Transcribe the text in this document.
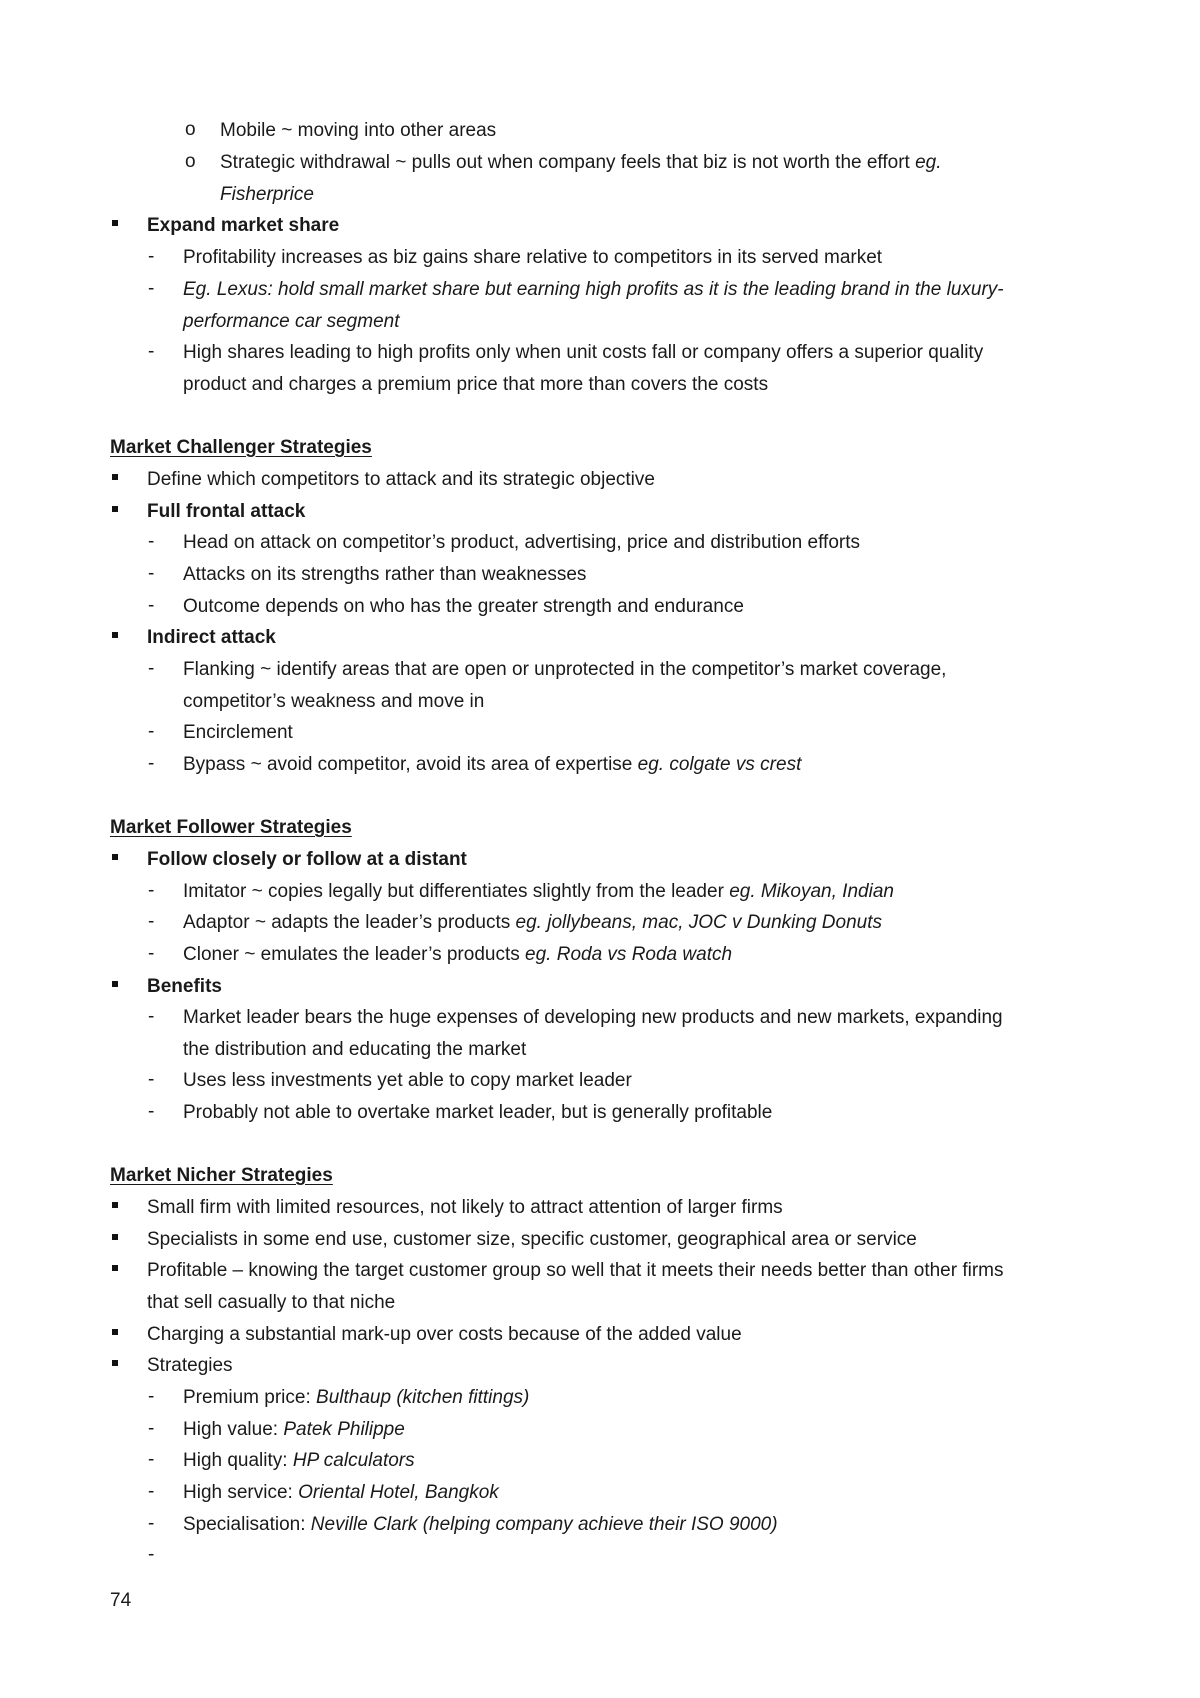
o
Mobile ~ moving into other areas
o
Strategic withdrawal ~ pulls out when company feels that biz is not worth the effort eg.
Fisherprice
Expand market share
-
Profitability increases as biz gains share relative to competitors in its served market
-
Eg. Lexus: hold small market share but earning high profits as it is the leading brand in the luxury-
performance car segment
-
High shares leading to high profits only when unit costs fall or company offers a superior quality
product and charges a premium price that more than covers the costs
Market Challenger Strategies
Define which competitors to attack and its strategic objective
Full frontal attack
-
Head on attack on competitor’s product, advertising, price and distribution efforts
-
Attacks on its strengths rather than weaknesses
-
Outcome depends on who has the greater strength and endurance
Indirect attack
-
Flanking ~ identify areas that are open or unprotected in the competitor’s market coverage,
competitor’s weakness and move in
-
Encirclement
-
Bypass ~ avoid competitor, avoid its area of expertise eg. colgate vs crest
Market Follower Strategies
Follow closely or follow at a distant
-
Imitator ~ copies legally but differentiates slightly from the leader eg. Mikoyan, Indian
-
Adaptor ~ adapts the leader’s products eg. jollybeans, mac, JOC v Dunking Donuts
-
Cloner ~ emulates the leader’s products eg. Roda vs Roda watch
Benefits
-
Market leader bears the huge expenses of developing new products and new markets, expanding
the distribution and educating the market
-
Uses less investments yet able to copy market leader
-
Probably not able to overtake market leader, but is generally profitable
Market Nicher Strategies
Small firm with limited resources, not likely to attract attention of larger firms
Specialists in some end use, customer size, specific customer, geographical area or service
Profitable – knowing the target customer group so well that it meets their needs better than other firms
that sell casually to that niche
Charging a substantial mark-up over costs because of the added value
Strategies
-
Premium price: Bulthaup (kitchen fittings)
-
High value: Patek Philippe
-
High quality: HP calculators
-
High service: Oriental Hotel, Bangkok
-
Specialisation: Neville Clark (helping company achieve their ISO 9000)
-
74
